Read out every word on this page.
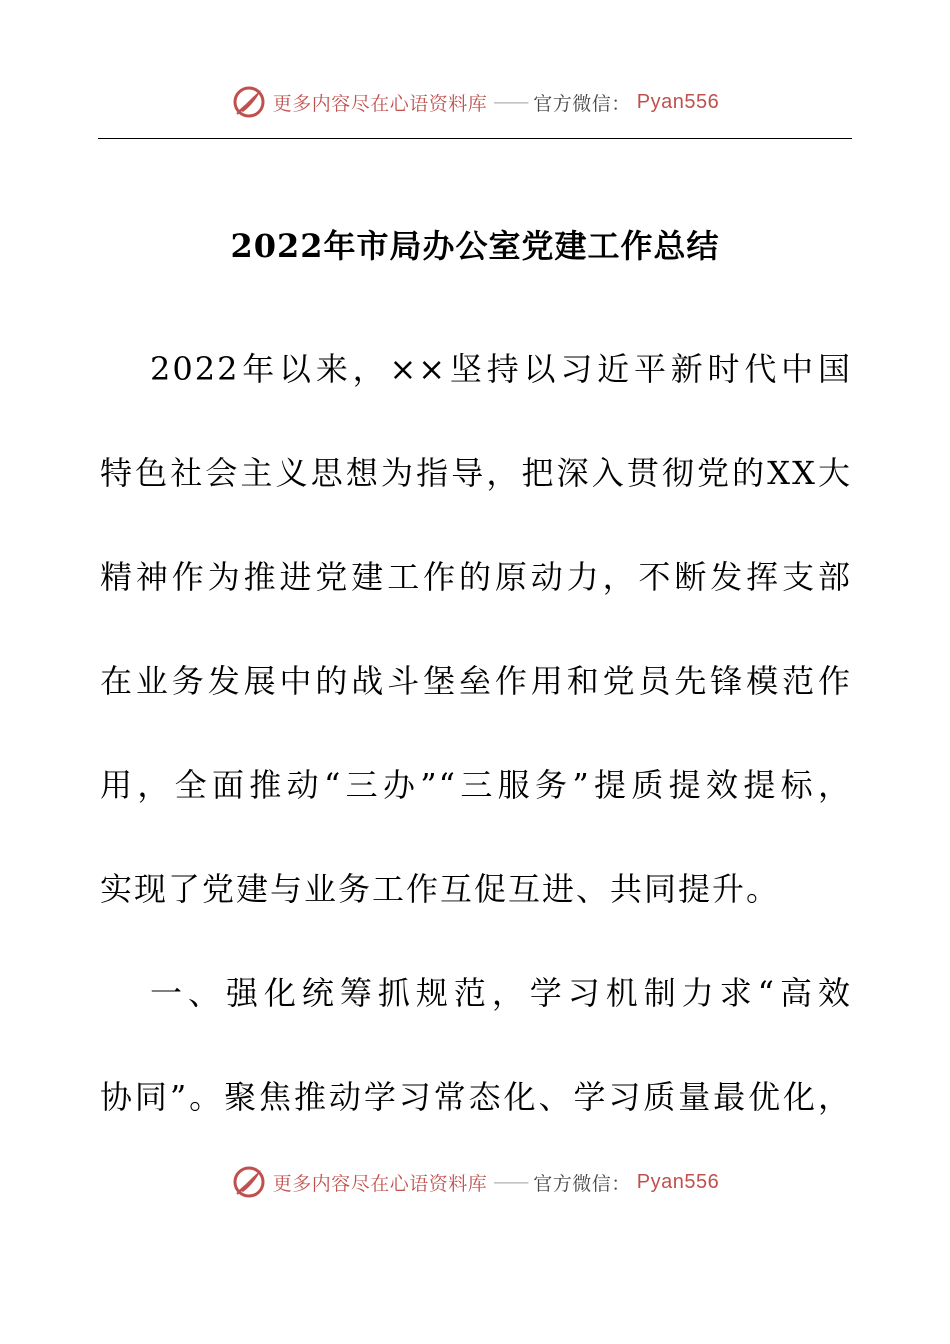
更多内容尽在心语资料库 —— 官方微信： Pyan556
2022年市局办公室党建工作总结
2022年以来，××坚持以习近平新时代中国
特色社会主义思想为指导，把深入贯彻党的XX大
精神作为推进党建工作的原动力，不断发挥支部
在业务发展中的战斗堡垒作用和党员先锋模范作
用，全面推动“三办”“三服务”提质提效提标，
实现了党建与业务工作互促互进、共同提升。
一、强化统筹抓规范，学习机制力求“高效
协同”。聚焦推动学习常态化、学习质量最优化，
更多内容尽在心语资料库 —— 官方微信： Pyan556
